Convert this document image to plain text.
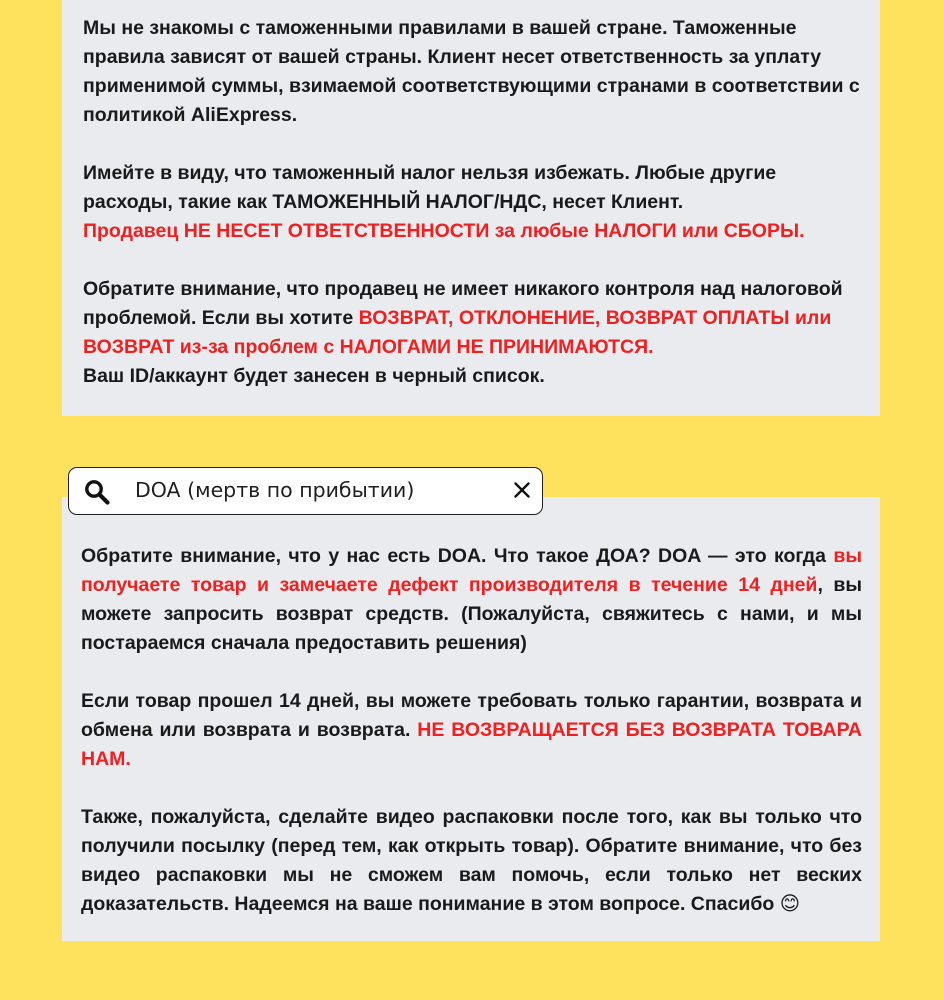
Мы не знакомы с таможенными правилами в вашей стране. Таможенные правила зависят от вашей страны. Клиент несет ответственность за уплату применимой суммы, взимаемой соответствующими странами в соответствии с политикой AliExpress.

Имейте в виду, что таможенный налог нельзя избежать. Любые другие расходы, такие как ТАМОЖЕННЫЙ НАЛОГ/НДС, несет Клиент.
Продавец НЕ НЕСЕТ ОТВЕТСТВЕННОСТИ за любые НАЛОГИ или СБОРЫ.

Обратите внимание, что продавец не имеет никакого контроля над налоговой проблемой. Если вы хотите ВОЗВРАТ, ОТКЛОНЕНИЕ, ВОЗВРАТ ОПЛАТЫ или ВОЗВРАТ из-за проблем с НАЛОГАМИ НЕ ПРИНИМАЮТСЯ.
Ваш ID/аккаунт будет занесен в черный список.

Обратите внимание, что у нас есть DOA. Что такое ДОА? DOA — это когда вы получаете товар и замечаете дефект производителя в течение 14 дней, вы можете запросить возврат средств. (Пожалуйста, свяжитесь с нами, и мы постараемся сначала предоставить решения)

Если товар прошел 14 дней, вы можете требовать только гарантии, возврата и обмена или возврата и возврата. НЕ ВОЗВРАЩАЕТСЯ БЕЗ ВОЗВРАТА ТОВАРА НАМ.

Также, пожалуйста, сделайте видео распаковки после того, как вы только что получили посылку (перед тем, как открыть товар). Обратите внимание, что без видео распаковки мы не сможем вам помочь, если только нет веских доказательств. Надеемся на ваше понимание в этом вопросе. Спасибо 😊

DOA (мертв по прибытии)
